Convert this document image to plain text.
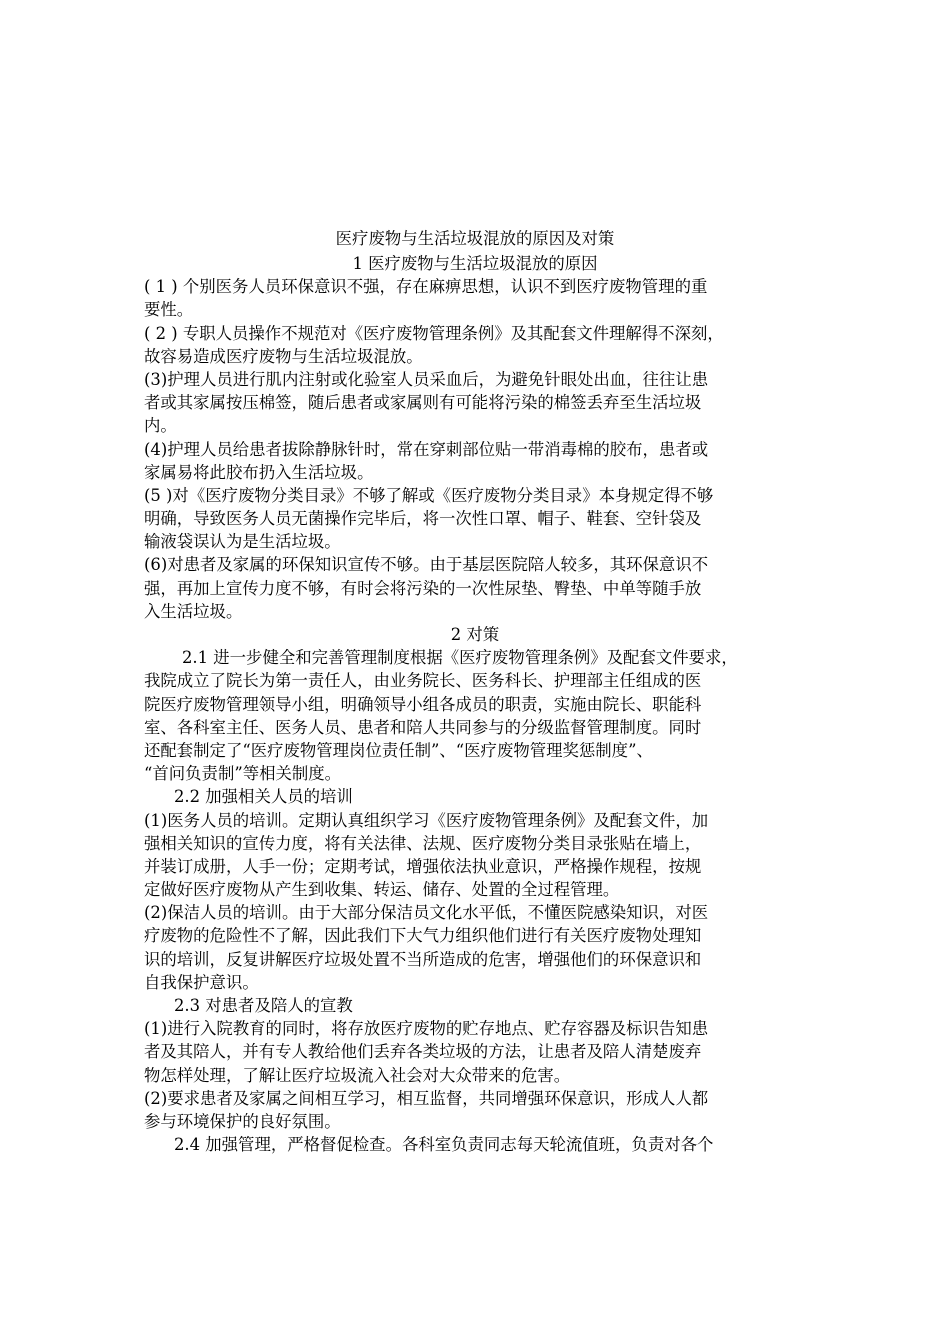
医疗废物与生活垃圾混放的原因及对策
1 医疗废物与生活垃圾混放的原因
( 1 ) 个别医务人员环保意识不强，存在麻痹思想，认识不到医疗废物管理的重
要性。
( 2 ) 专职人员操作不规范对《医疗废物管理条例》及其配套文件理解得不深刻，
故容易造成医疗废物与生活垃圾混放。
(3)护理人员进行肌内注射或化验室人员采血后，为避免针眼处出血，往往让患
者或其家属按压棉签，随后患者或家属则有可能将污染的棉签丢弃至生活垃圾
内。
(4)护理人员给患者拔除静脉针时，常在穿刺部位贴一带消毒棉的胶布，患者或
家属易将此胶布扔入生活垃圾。
(5 )对《医疗废物分类目录》不够了解或《医疗废物分类目录》本身规定得不够
明确，导致医务人员无菌操作完毕后，将一次性口罩、帽子、鞋套、空针袋及
输液袋误认为是生活垃圾。
(6)对患者及家属的环保知识宣传不够。由于基层医院陪人较多，其环保意识不
强，再加上宣传力度不够，有时会将污染的一次性尿垫、臀垫、中单等随手放
入生活垃圾。
2 对策
2.1 进一步健全和完善管理制度根据《医疗废物管理条例》及配套文件要求，
我院成立了院长为第一责任人，由业务院长、医务科长、护理部主任组成的医
院医疗废物管理领导小组，明确领导小组各成员的职责，实施由院长、职能科
室、各科室主任、医务人员、患者和陪人共同参与的分级监督管理制度。同时
还配套制定了“医疗废物管理岗位责任制”、“医疗废物管理奖惩制度”、
“首问负责制”等相关制度。
2.2 加强相关人员的培训
(1)医务人员的培训。定期认真组织学习《医疗废物管理条例》及配套文件，加
强相关知识的宣传力度，将有关法律、法规、医疗废物分类目录张贴在墙上，
并装订成册，人手一份；定期考试，增强依法执业意识，严格操作规程，按规
定做好医疗废物从产生到收集、转运、储存、处置的全过程管理。
(2)保洁人员的培训。由于大部分保洁员文化水平低，不懂医院感染知识，对医
疗废物的危险性不了解，因此我们下大气力组织他们进行有关医疗废物处理知
识的培训，反复讲解医疗垃圾处置不当所造成的危害，增强他们的环保意识和
自我保护意识。
2.3 对患者及陪人的宣教
(1)进行入院教育的同时，将存放医疗废物的贮存地点、贮存容器及标识告知患
者及其陪人，并有专人教给他们丢弃各类垃圾的方法，让患者及陪人清楚废弃
物怎样处理，了解让医疗垃圾流入社会对大众带来的危害。
(2)要求患者及家属之间相互学习，相互监督，共同增强环保意识，形成人人都
参与环境保护的良好氛围。
2.4 加强管理，严格督促检查。各科室负责同志每天轮流值班，负责对各个
